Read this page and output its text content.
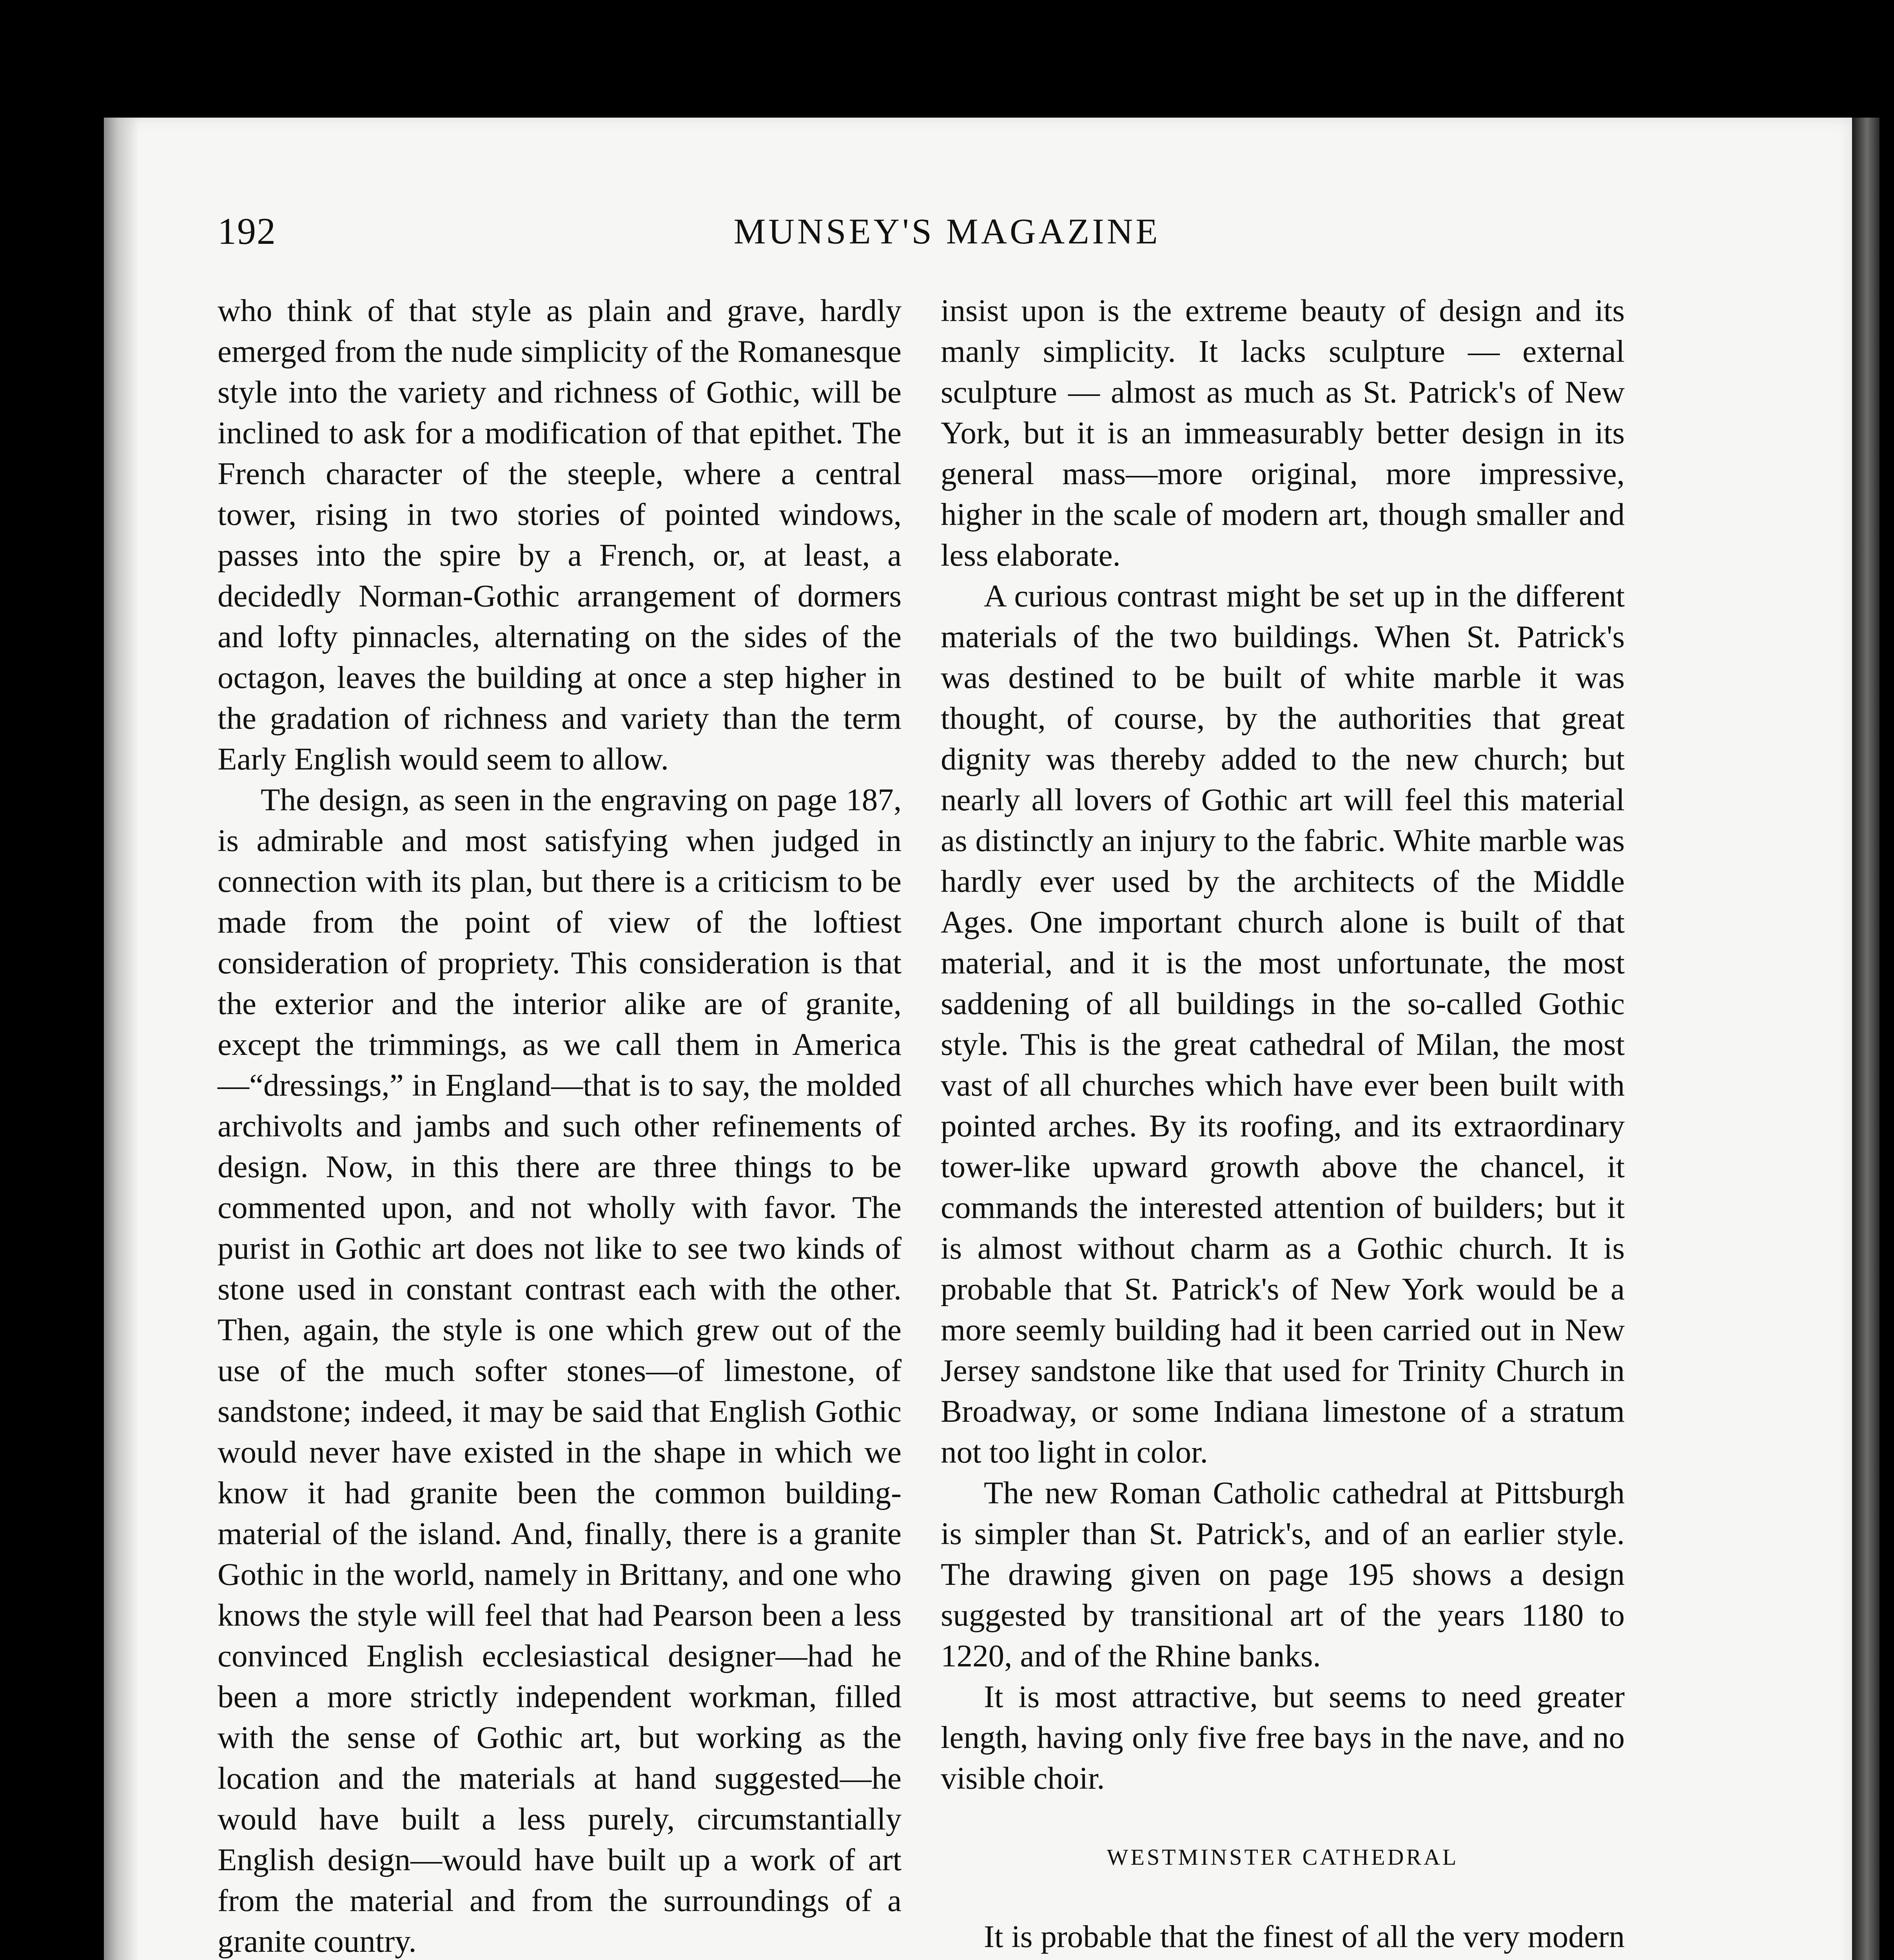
192	MUNSEY'S MAGAZINE

who think of that style as plain and grave, hardly emerged from the nude simplicity of the Romanesque style into the variety and richness of Gothic, will be inclined to ask for a modification of that epithet. The French character of the steeple, where a central tower, rising in two stories of pointed windows, passes into the spire by a French, or, at least, a decidedly Norman-Gothic arrangement of dormers and lofty pinnacles, alternating on the sides of the octagon, leaves the building at once a step higher in the gradation of richness and variety than the term Early English would seem to allow.

The design, as seen in the engraving on page 187, is admirable and most satisfying when judged in connection with its plan, but there is a criticism to be made from the point of view of the loftiest consideration of propriety. This consideration is that the exterior and the interior alike are of granite, except the trimmings, as we call them in America—“dressings,” in England—that is to say, the molded archivolts and jambs and such other refinements of design. Now, in this there are three things to be commented upon, and not wholly with favor. The purist in Gothic art does not like to see two kinds of stone used in constant contrast each with the other. Then, again, the style is one which grew out of the use of the much softer stones—of limestone, of sandstone; indeed, it may be said that English Gothic would never have existed in the shape in which we know it had granite been the common building-material of the island. And, finally, there is a granite Gothic in the world, namely in Brittany, and one who knows the style will feel that had Pearson been a less convinced English ecclesiastical designer—had he been a more strictly independent workman, filled with the sense of Gothic art, but working as the location and the materials at hand suggested—he would have built a less purely, circumstantially English design—would have built up a work of art from the material and from the surroundings of a granite country.

insist upon is the extreme beauty of design and its manly simplicity. It lacks sculpture — external sculpture — almost as much as St. Patrick's of New York, but it is an immeasurably better design in its general mass—more original, more impressive, higher in the scale of modern art, though smaller and less elaborate.

A curious contrast might be set up in the different materials of the two buildings. When St. Patrick's was destined to be built of white marble it was thought, of course, by the authorities that great dignity was thereby added to the new church; but nearly all lovers of Gothic art will feel this material as distinctly an injury to the fabric. White marble was hardly ever used by the architects of the Middle Ages. One important church alone is built of that material, and it is the most unfortunate, the most saddening of all buildings in the so-called Gothic style. This is the great cathedral of Milan, the most vast of all churches which have ever been built with pointed arches. By its roofing, and its extraordinary tower-like upward growth above the chancel, it commands the interested attention of builders; but it is almost without charm as a Gothic church. It is probable that St. Patrick's of New York would be a more seemly building had it been carried out in New Jersey sandstone like that used for Trinity Church in Broadway, or some Indiana limestone of a stratum not too light in color.

The new Roman Catholic cathedral at Pittsburgh is simpler than St. Patrick's, and of an earlier style. The drawing given on page 195 shows a design suggested by transitional art of the years 1180 to 1220, and of the Rhine banks.

It is most attractive, but seems to need greater length, having only five free bays in the nave, and no visible choir.

WESTMINSTER CATHEDRAL

It is probable that the finest of all the very modern
